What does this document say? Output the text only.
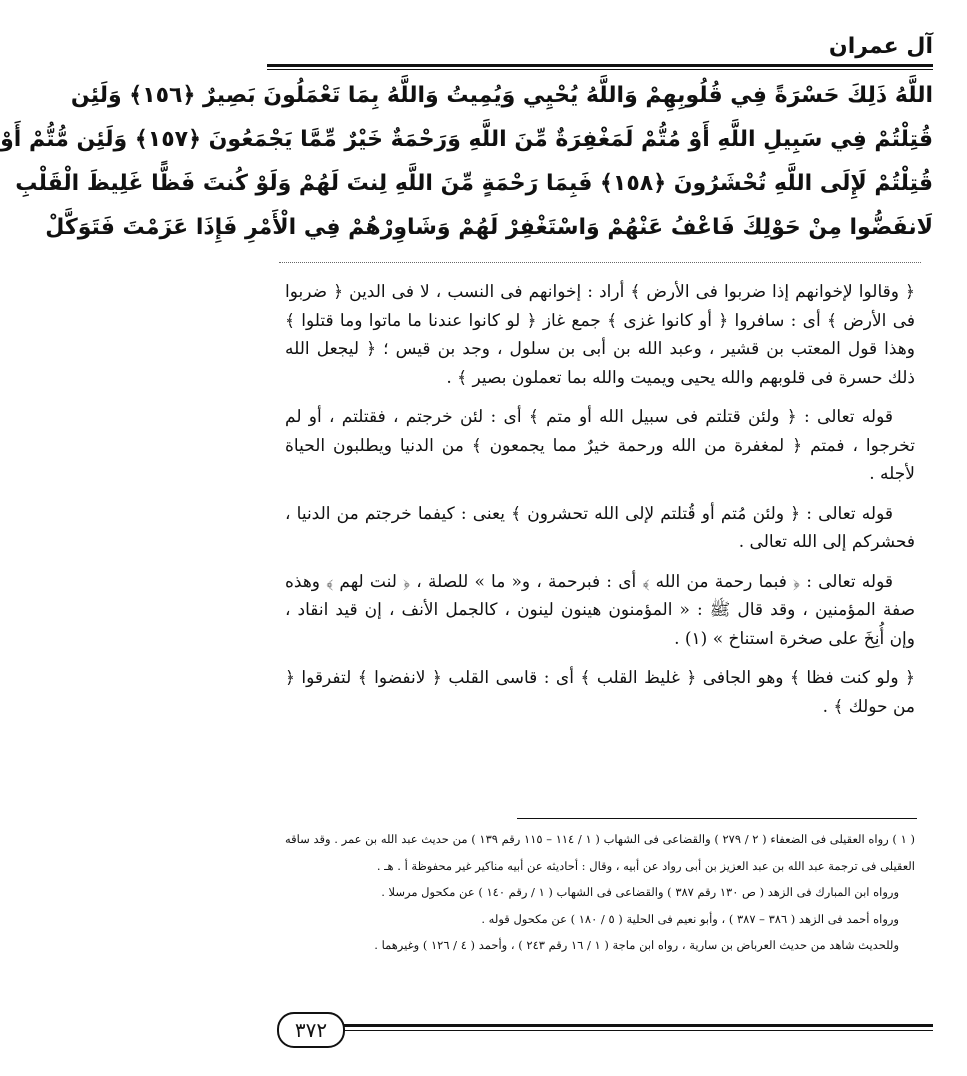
آل عمران
اللَّهُ ذَلِكَ حَسْرَةً فِي قُلُوبِهِمْ وَاللَّهُ يُحْيِي وَيُمِيتُ وَاللَّهُ بِمَا تَعْمَلُونَ بَصِيرٌ ﴿١٥٦﴾ وَلَئِن
قُتِلْتُمْ فِي سَبِيلِ اللَّهِ أَوْ مُتُّمْ لَمَغْفِرَةٌ مِّنَ اللَّهِ وَرَحْمَةٌ خَيْرٌ مِّمَّا يَجْمَعُونَ ﴿١٥٧﴾ وَلَئِن مُّتُّمْ أَوْ
قُتِلْتُمْ لَإِلَى اللَّهِ تُحْشَرُونَ ﴿١٥٨﴾ فَبِمَا رَحْمَةٍ مِّنَ اللَّهِ لِنتَ لَهُمْ وَلَوْ كُنتَ فَظًّا غَلِيظَ الْقَلْبِ
لَانفَضُّوا مِنْ حَوْلِكَ فَاعْفُ عَنْهُمْ وَاسْتَغْفِرْ لَهُمْ وَشَاوِرْهُمْ فِي الْأَمْرِ فَإِذَا عَزَمْتَ فَتَوَكَّلْ

﴿ وقالوا لإخوانهم إذا ضربوا فى الأرض ﴾ أراد : إخوانهم فى النسب ، لا فى الدين ﴿ ضربوا فى الأرض ﴾ أى : سافروا ﴿ أو كانوا غزى ﴾ جمع غاز ﴿ لو كانوا عندنا ما ماتوا وما قتلوا ﴾ وهذا قول المعتب بن قشير ، وعبد الله بن أبى بن سلول ، وجد بن قيس ؛ ﴿ ليجعل الله ذلك حسرة فى قلوبهم والله يحيى ويميت والله بما تعملون بصير ﴾ .

قوله تعالى : ﴿ ولئن قتلتم فى سبيل الله أو متم ﴾ أى : لئن خرجتم ، فقتلتم ، أو لم تخرجوا ، فمتم ﴿ لمغفرة من الله ورحمة خيرٌ مما يجمعون ﴾ من الدنيا ويطلبون الحياة لأجله .

قوله تعالى : ﴿ ولئن مُتم أو قُتلتم لإلى الله تحشرون ﴾ يعنى : كيفما خرجتم من الدنيا ، فحشركم إلى الله تعالى .

قوله تعالى : ﴿ فبما رحمة من الله ﴾ أى : فبرحمة ، و« ما » للصلة ، ﴿ لنت لهم ﴾ وهذه صفة المؤمنين ، وقد قال ﷺ : « المؤمنون هينون لينون ، كالجمل الأنف ، إن قيد انقاد ، وإن أُنِخَ على صخرة استناخ » (١) .

﴿ ولو كنت فظا ﴾ وهو الجافى ﴿ غليظ القلب ﴾ أى : قاسى القلب ﴿ لانفضوا ﴾ لتفرقوا ﴿ من حولك ﴾ .

( ١ ) رواه العقيلى فى الضعفاء ( ٢ / ٢٧٩ ) والقضاعى فى الشهاب ( ١ / ١١٤ – ١١٥ رقم ١٣٩ ) من حديث عبد الله بن عمر . وقد ساقه العقيلى فى ترجمة عبد الله بن عبد العزيز بن أبى رواد عن أبيه ، وقال : أحاديثه عن أبيه مناكير غير محفوظة أ . هـ .

ورواه ابن المبارك فى الزهد ( ص ١٣٠ رقم ٣٨٧ ) والقضاعى فى الشهاب ( ١ / رقم ١٤٠ ) عن مكحول مرسلا .

ورواه أحمد فى الزهد ( ٣٨٦ – ٣٨٧ ) ، وأبو نعيم فى الحلية ( ٥ / ١٨٠ ) عن مكحول قوله .

وللحديث شاهد من حديث العرباض بن سارية ، رواه ابن ماجة ( ١ / ١٦ رقم ٢٤٣ ) ، وأحمد ( ٤ / ١٢٦ ) وغيرهما .

٣٧٢
